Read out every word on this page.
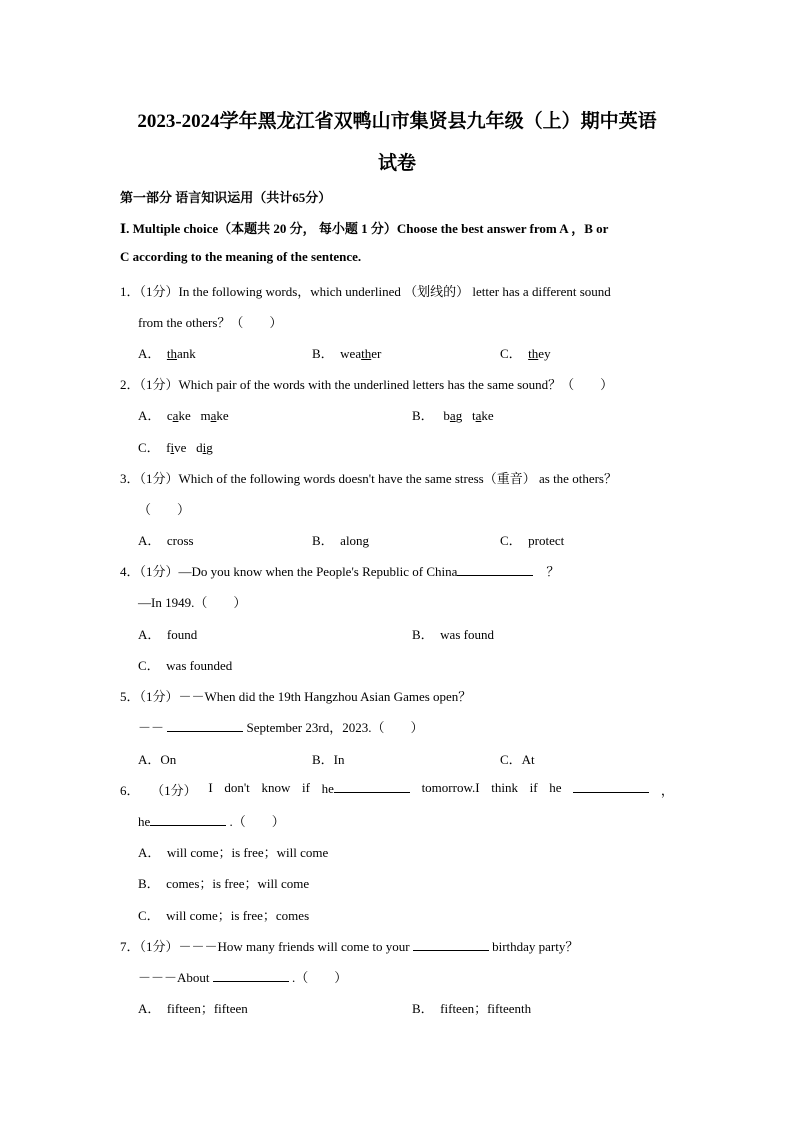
2023-2024学年黑龙江省双鸭山市集贤县九年级（上）期中英语
试卷
第一部分 语言知识运用（共计65分）
Ⅰ. Multiple choice（本题共 20 分， 每小题 1 分）Choose the best answer from A ，B or
C according to the meaning of the sentence.
1．（1分）In the following words，which underlined （划线的） letter has a different sound
from the others？（　　）
A． thank	B． weather	C． they
2．（1分）Which pair of the words with the underlined letters has the same sound？（　　）
A． cake make	B． bag take
C． five dig
3．（1分）Which of the following words doesn't have the same stress（重音） as the others？
（　　）
A． cross	B． along	C． protect
4．（1分）—Do you know when the People's Republic of China	？
—In 1949.（　　）
A． found	B． was found
C． was founded
5．（1分）－－When did the 19th Hangzhou Asian Games open？
－－	September 23rd，2023.（　　）
A．On	B．In	C．At
6． （1分） I don't know if he	tomorrow.I think if he	，
he	.（　　）
A． will come；is free；will come
B． comes；is free；will come
C． will come；is free；comes
7．（1分）－－－How many friends will come to your	birthday party？
－－－About	.（　　）
A． fifteen；fifteen	B． fifteen；fifteenth
